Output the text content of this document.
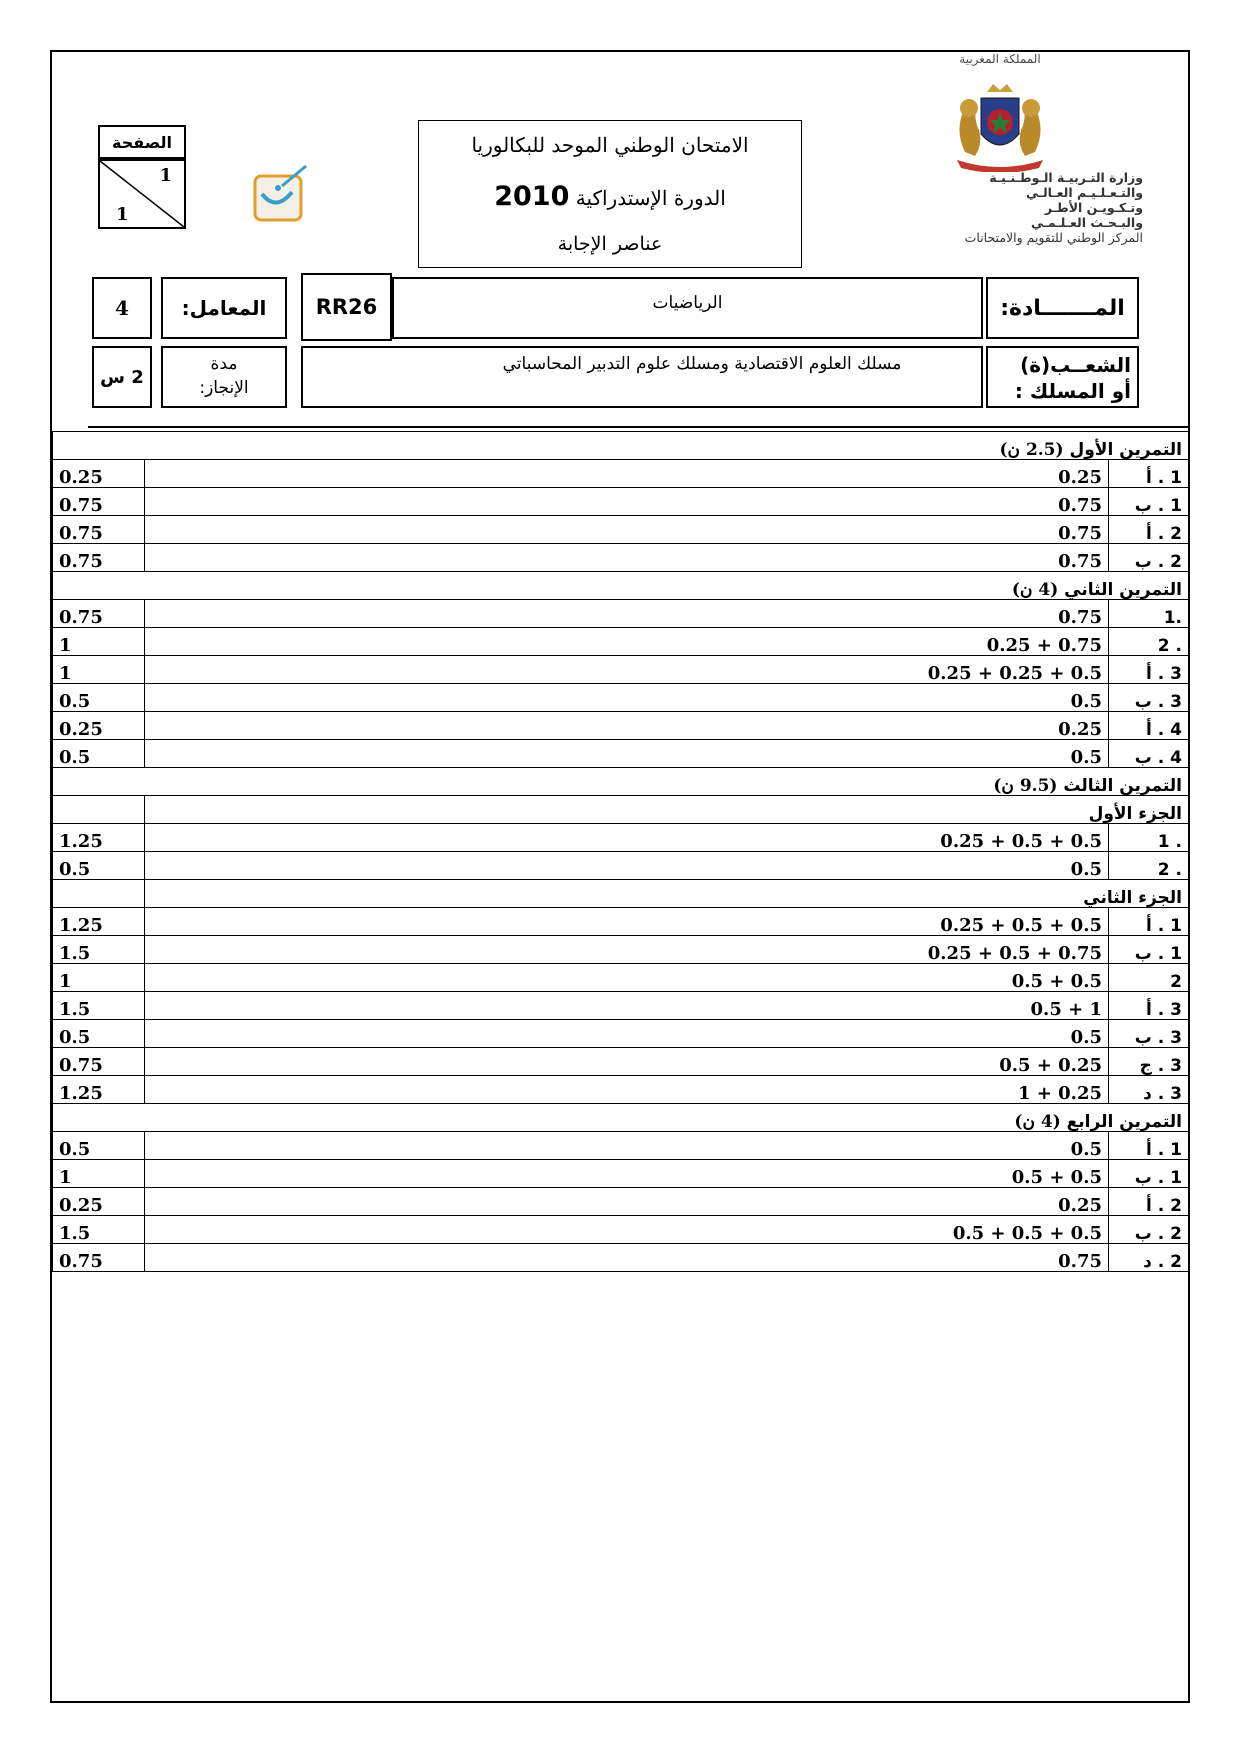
المملكة المغربية
وزارة التـربيـة الـوطـنـيـة
والتـعـلـيـم العـالـي
وتـكـويـن الأطـر
والبـحـث العـلـمـي
المركز الوطني للتقويم والامتحانات
الامتحان الوطني الموحد للبكالوريا
الدورة الإستدراكية 2010
عناصر الإجابة
الصفحة
1
1
4	المعامل: RR26	الرياضيات	المـــــــادة:
2 س
مدة
الإنجاز:
مسلك العلوم الاقتصادية ومسلك علوم التدبير المحاسباتي	الشعــب(ة)
أو المسلك :
التمرين الأول (2.5 ن)		
0.25	0.25	1 . أ
0.75	0.75	1 . ب
0.75	0.75	2 . أ
0.75	0.75	2 . ب
التمرين الثاني (4 ن)		
0.75	0.75	.1
1	0.25 + 0.75	. 2
1	0.25 + 0.25 + 0.5	3 . أ
0.5	0.5	3 . ب
0.25	0.25	4 . أ
0.5	0.5	4 . ب
التمرين الثالث (9.5 ن)		
	الجزء الأول	
1.25	0.25 + 0.5 + 0.5	. 1
0.5	0.5	. 2
	الجزء الثاني	
1.25	0.25 + 0.5 + 0.5	1 . أ
1.5	0.25 + 0.5 + 0.75	1 . ب
1	0.5 + 0.5	2
1.5	0.5 + 1	3 . أ
0.5	0.5	3 . ب
0.75	0.5 + 0.25	3 . ج
1.25	1 + 0.25	3 . د
التمرين الرابع (4 ن)		
0.5	0.5	1 . أ
1	0.5 + 0.5	1 . ب
0.25	0.25	2 . أ
1.5	0.5 + 0.5 + 0.5	2 . ب
0.75	0.75	2 . د
